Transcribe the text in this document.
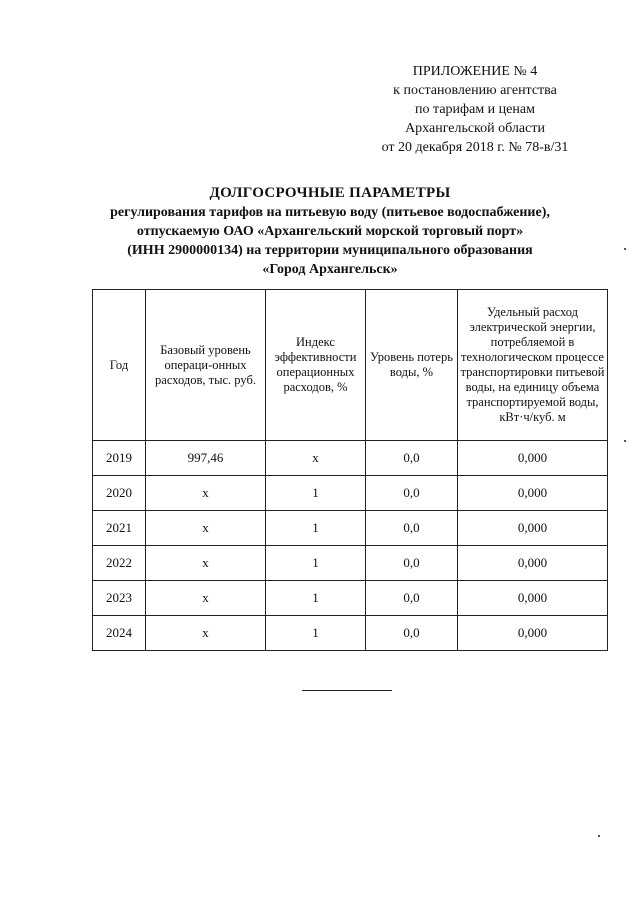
ПРИЛОЖЕНИЕ № 4
к постановлению агентства
по тарифам и ценам
Архангельской области
от 20 декабря 2018 г. № 78-в/31
ДОЛГОСРОЧНЫЕ ПАРАМЕТРЫ
регулирования тарифов на питьевую воду (питьевое водоспабжение),
отпускаемую ОАО «Архангельский морской торговый порт»
(ИНН 2900000134) на территории муниципального образования
«Город Архангельск»
Год	Базовый уровень операци-онных расходов, тыс. руб.	Индекс эффективности операционных расходов, %	Уровень потерь воды, %	Удельный расход электрической энергии, потребляемой в технологическом процессе транспортировки питьевой воды, на единицу объема транспортируемой воды, кВт·ч/куб. м
2019	997,46	x	0,0	0,000
2020	x	1	0,0	0,000
2021	x	1	0,0	0,000
2022	x	1	0,0	0,000
2023	x	1	0,0	0,000
2024	x	1	0,0	0,000
